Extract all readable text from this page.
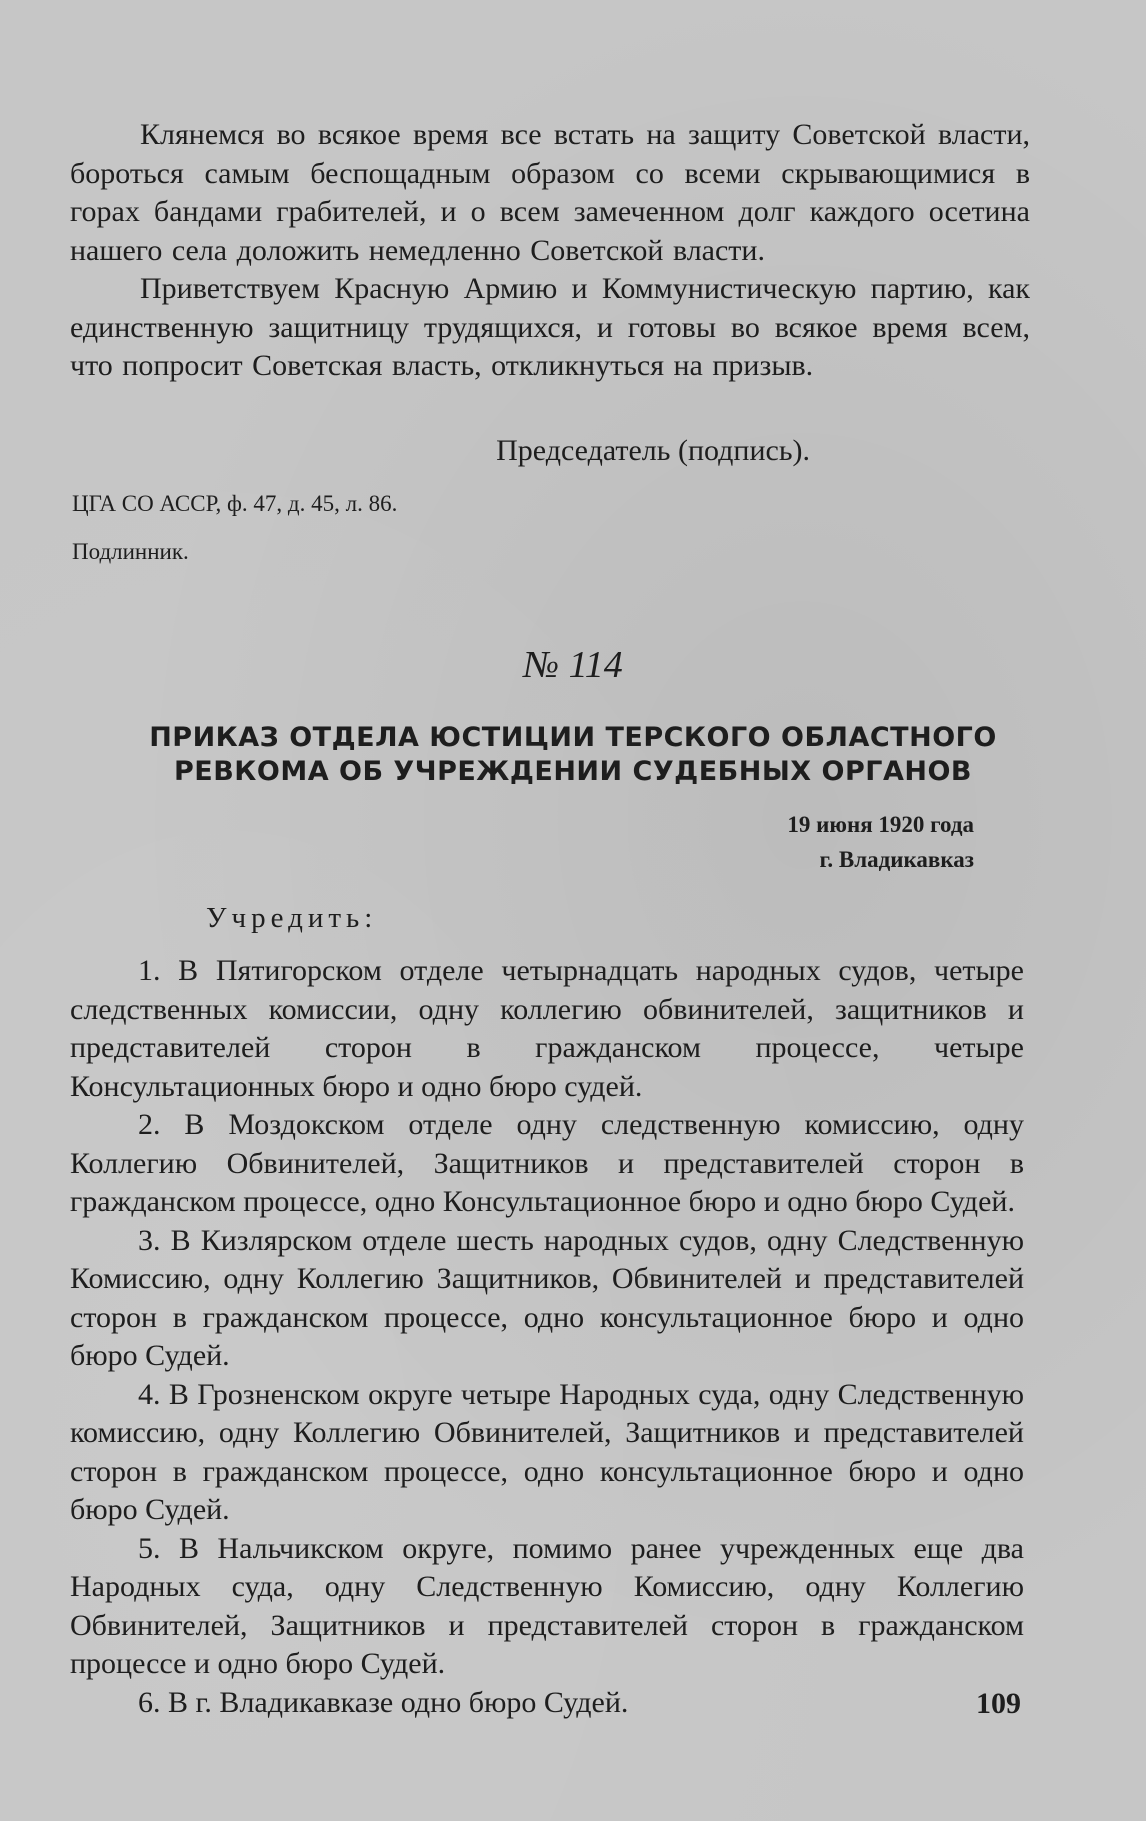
Клянемся во всякое время все встать на защиту Советской власти, бороться самым беспощадным образом со всеми скрывающимися в горах бандами грабителей, и о всем замеченном долг каждого осетина нашего села доложить немедленно Советской власти.

Приветствуем Красную Армию и Коммунистическую партию, как единственную защитницу трудящихся, и готовы во всякое время всем, что попросит Советская власть, откликнуться на призыв.

Председатель (подпись).
ЦГА СО АССР, ф. 47, д. 45, л. 86.
Подлинник.
№ 114
ПРИКАЗ ОТДЕЛА ЮСТИЦИИ ТЕРСКОГО ОБЛАСТНОГО
РЕВКОМА ОБ УЧРЕЖДЕНИИ СУДЕБНЫХ ОРГАНОВ
19 июня 1920 года
г. Владикавказ
Учредить:

1. В Пятигорском отделе четырнадцать народных судов, четыре следственных комиссии, одну коллегию обвинителей, защитников и представителей сторон в гражданском процессе, четыре Консультационных бюро и одно бюро судей.

2. В Моздокском отделе одну следственную комиссию, одну Коллегию Обвинителей, Защитников и представителей сторон в гражданском процессе, одно Консультационное бюро и одно бюро Судей.

3. В Кизлярском отделе шесть народных судов, одну Следственную Комиссию, одну Коллегию Защитников, Обвинителей и представителей сторон в гражданском процессе, одно консультационное бюро и одно бюро Судей.

4. В Грозненском округе четыре Народных суда, одну Следственную комиссию, одну Коллегию Обвинителей, Защитников и представителей сторон в гражданском процессе, одно консультационное бюро и одно бюро Судей.

5. В Нальчикском округе, помимо ранее учрежденных еще два Народных суда, одну Следственную Комиссию, одну Коллегию Обвинителей, Защитников и представителей сторон в гражданском процессе и одно бюро Судей.

6. В г. Владикавказе одно бюро Судей.	109
